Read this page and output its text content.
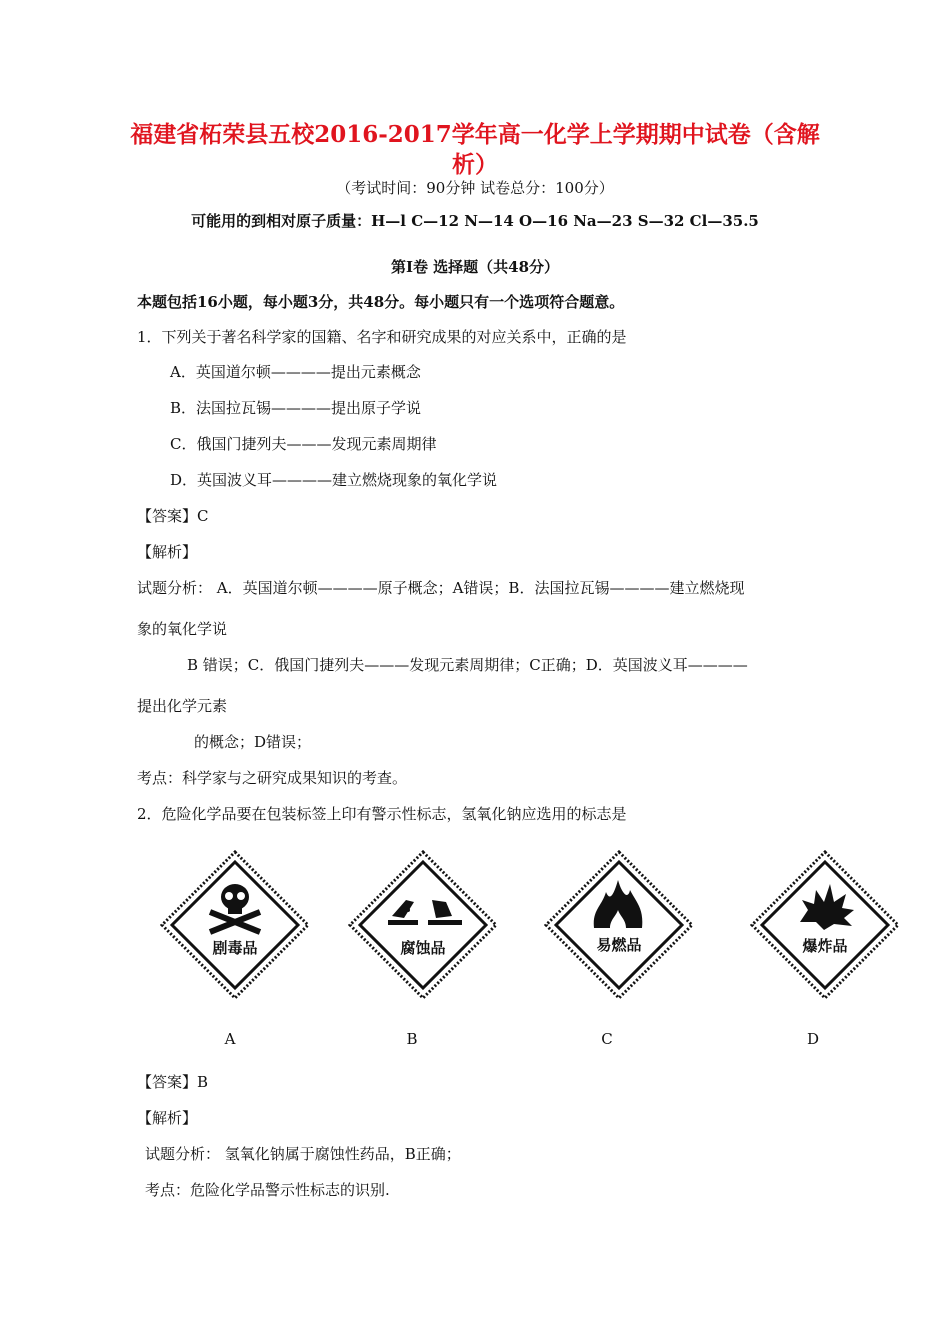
福建省柘荣县五校2016-2017学年高一化学上学期期中试卷（含解析）
（考试时间：90分钟 试卷总分：100分）
可能用的到相对原子质量：H—l C—12 N—14 O—16 Na—23 S—32 Cl—35.5
第Ⅰ卷 选择题（共48分）
本题包括16小题，每小题3分，共48分。每小题只有一个选项符合题意。
1．下列关于著名科学家的国籍、名字和研究成果的对应关系中，正确的是
A．英国道尔顿————提出元素概念
B．法国拉瓦锡————提出原子学说
C．俄国门捷列夫———发现元素周期律
D．英国波义耳————建立燃烧现象的氧化学说
【答案】C
【解析】
试题分析： A．英国道尔顿————原子概念；A错误；B．法国拉瓦锡————建立燃烧现
象的氧化学说
B 错误；C．俄国门捷列夫———发现元素周期律；C正确；D．英国波义耳————
提出化学元素
的概念；D错误；
考点：科学家与之研究成果知识的考查。
2．危险化学品要在包装标签上印有警示性标志，氢氧化钠应选用的标志是
剧毒品	腐蚀品	易燃品	爆炸品
A	B	C	D
【答案】B
【解析】
试题分析： 氢氧化钠属于腐蚀性药品，B正确；
考点：危险化学品警示性标志的识别.
